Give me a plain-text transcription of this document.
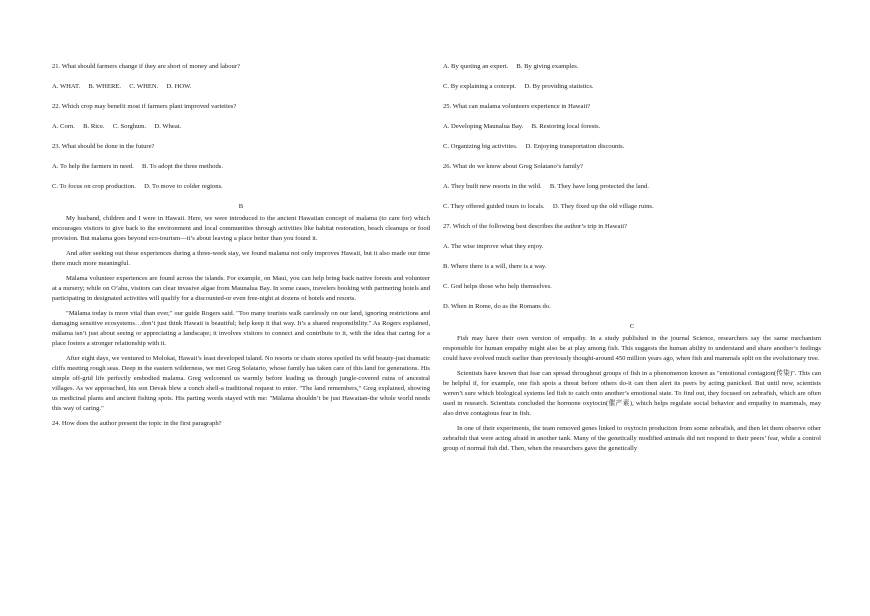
21. What should farmers change if they are short of money and labour?

A. WHAT.     B. WHERE.     C. WHEN.     D. HOW.

22. Which crop may benefit most if farmers plant improved varieties?

A. Corn.     B. Rice.     C. Sorghum.     D. Wheat.

23. What should be done in the future?

A. To help the farmers in need.     B. To adopt the three methods.

C. To focus on crop production.     D. To move to colder regions.

B

My husband, children and I were in Hawaii. Here, we were introduced to the ancient Hawaiian concept of malama (to care for) which encourages visitors to give back to the environment and local communities through activities like habitat restoration, beach cleanups or food provision. But malama goes beyond eco-tourism—it’s about leaving a place better than you found it.

And after seeking out these experiences during a three-week stay, we found malama not only improves Hawaii, but it also made our time there much more meaningful.

Mālama volunteer experiences are found across the islands. For example, on Maui, you can help bring back native forests and volunteer at a nursery; while on O’ahu, visitors can clear invasive algae from Maunalua Bay. In some cases, travelers booking with partnering hotels and participating in designated activities will qualify for a discounted-or even free-night at dozens of hotels and resorts.

"Mālama today is more vital than ever," our guide Rogers said. "Too many tourists walk carelessly on our land, ignoring restrictions and damaging sensitive ecosystems…don’t just think Hawaii is beautiful; help keep it that way. It’s a shared responsibility." As Rogers explained, mālama isn’t just about seeing or appreciating a landscape; it involves visitors to connect and contribute to it, with the idea that caring for a place fosters a stronger relationship with it.

After eight days, we ventured to Molokai, Hawaii’s least developed island. No resorts or chain stores spoiled its wild beauty-just dramatic cliffs meeting rough seas. Deep in the eastern wilderness, we met Greg Solatario, whose family has taken care of this land for generations. His simple off-grid life perfectly embodied malama. Greg welcomed us warmly before leading us through jungle-covered ruins of ancestral villages. As we approached, his son Devak blew a conch shell-a traditional request to enter. "The land remembers," Greg explained, showing us medicinal plants and ancient fishing spots. His parting words stayed with me: "Mālama shouldn’t be just Hawaiian-the whole world needs this way of caring."

24. How does the author present the topic in the first paragraph?

A. By quoting an expert.     B. By giving examples.

C. By explaining a concept.     D. By providing statistics.

25. What can malama volunteers experience in Hawaii?

A. Developing Maunalua Bay.     B. Restoring local forests.

C. Organizing big activities.     D. Enjoying transportation discounts.

26. What do we know about Greg Solatano’s family?

A. They built new resorts in the wild.     B. They have long protected the land.

C. They offered guided tours to locals.     D. They fixed up the old village ruins.

27. Which of the following best describes the author’s trip in Hawaii?

A. The wise improve what they enjoy.

B. Where there is a will, there is a way.

C. God helps those who help themselves.

D. When in Rome, do as the Romans do.

C

Fish may have their own version of empathy. In a study published in the journal Science, researchers say the same mechanism responsible for human empathy might also be at play among fish. This suggests the human ability to understand and share another’s feelings could have evolved much earlier than previously thought-around 450 million years ago, when fish and mammals split on the evolutionary tree.

Scientists have known that fear can spread throughout groups of fish in a phenomenon known as "emotional contagion(传染)". This can be helpful if, for example, one fish spots a threat before others do-it can then alert its peers by acting panicked. But until now, scientists weren’t sure which biological systems led fish to catch onto another’s emotional state. To find out, they focused on zebrafish, which are often used in research. Scientists concluded the hormone oxytocin(催产素), which helps regulate social behavior and empathy in mammals, may also drive contagious fear in fish.

In one of their experiments, the team removed genes linked to oxytocin production from some zebrafish, and then let them observe other zebrafish that were acting afraid in another tank. Many of the genetically modified animals did not respond to their peers’ fear, while a control group of normal fish did. Then, when the researchers gave the genetically
